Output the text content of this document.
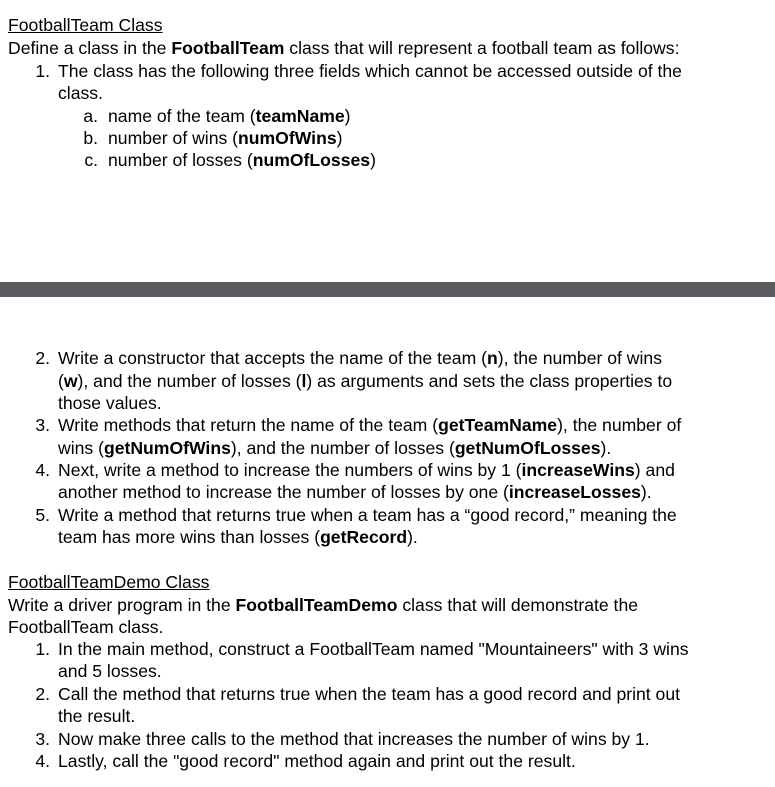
FootballTeam Class
Define a class in the FootballTeam class that will represent a football team as follows:
1. The class has the following three fields which cannot be accessed outside of the
class.
a. name of the team (teamName)
b. number of wins (numOfWins)
c. number of losses (numOfLosses)
2. Write a constructor that accepts the name of the team (n), the number of wins
(w), and the number of losses (l) as arguments and sets the class properties to
those values.
3. Write methods that return the name of the team (getTeamName), the number of
wins (getNumOfWins), and the number of losses (getNumOfLosses).
4. Next, write a method to increase the numbers of wins by 1 (increaseWins) and
another method to increase the number of losses by one (increaseLosses).
5. Write a method that returns true when a team has a “good record,” meaning the
team has more wins than losses (getRecord).
FootballTeamDemo Class
Write a driver program in the FootballTeamDemo class that will demonstrate the
FootballTeam class.
1. In the main method, construct a FootballTeam named "Mountaineers" with 3 wins
and 5 losses.
2. Call the method that returns true when the team has a good record and print out
the result.
3. Now make three calls to the method that increases the number of wins by 1.
4. Lastly, call the "good record" method again and print out the result.
